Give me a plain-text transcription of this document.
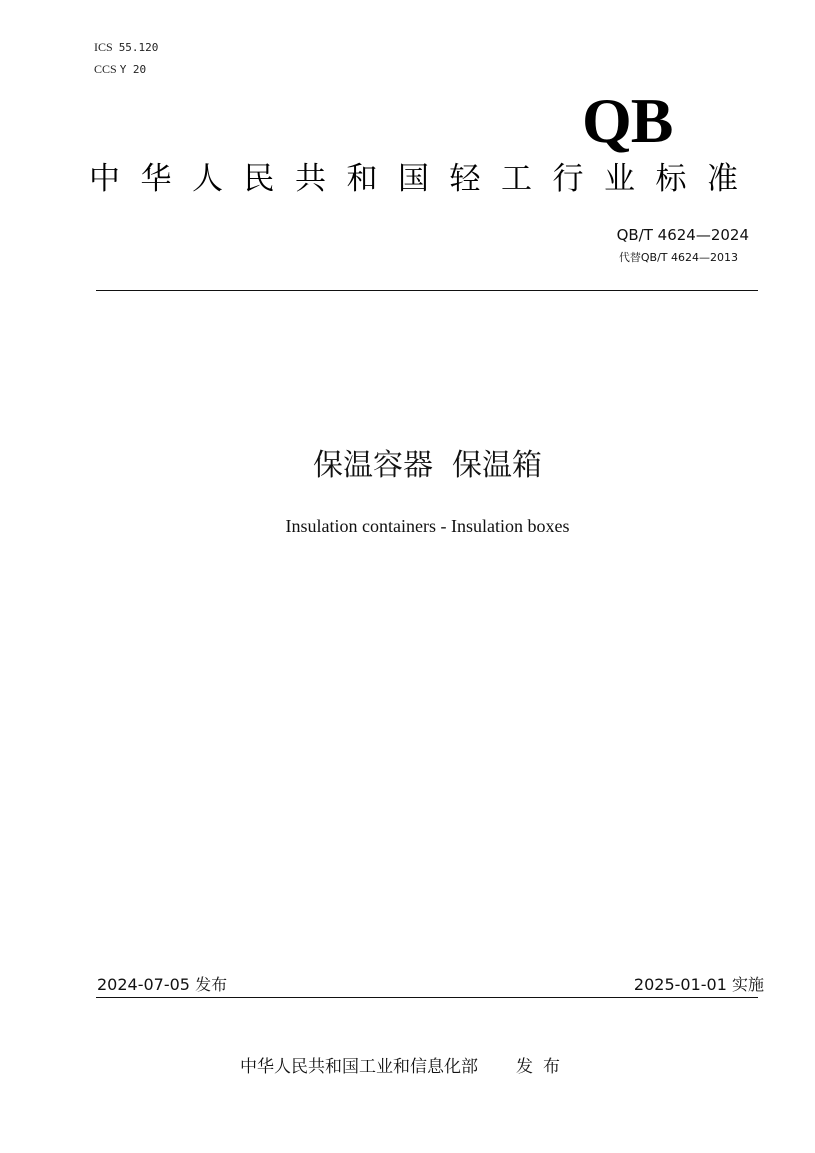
ICS 55.120
CCS Y 20
QB
中华人民共和国轻工行业标准
QB/T 4624—2024
代替QB/T 4624—2013
保温容器  保温箱
Insulation containers - Insulation boxes
2024-07-05 发布	2025-01-01 实施
中华人民共和国工业和信息化部 发布
